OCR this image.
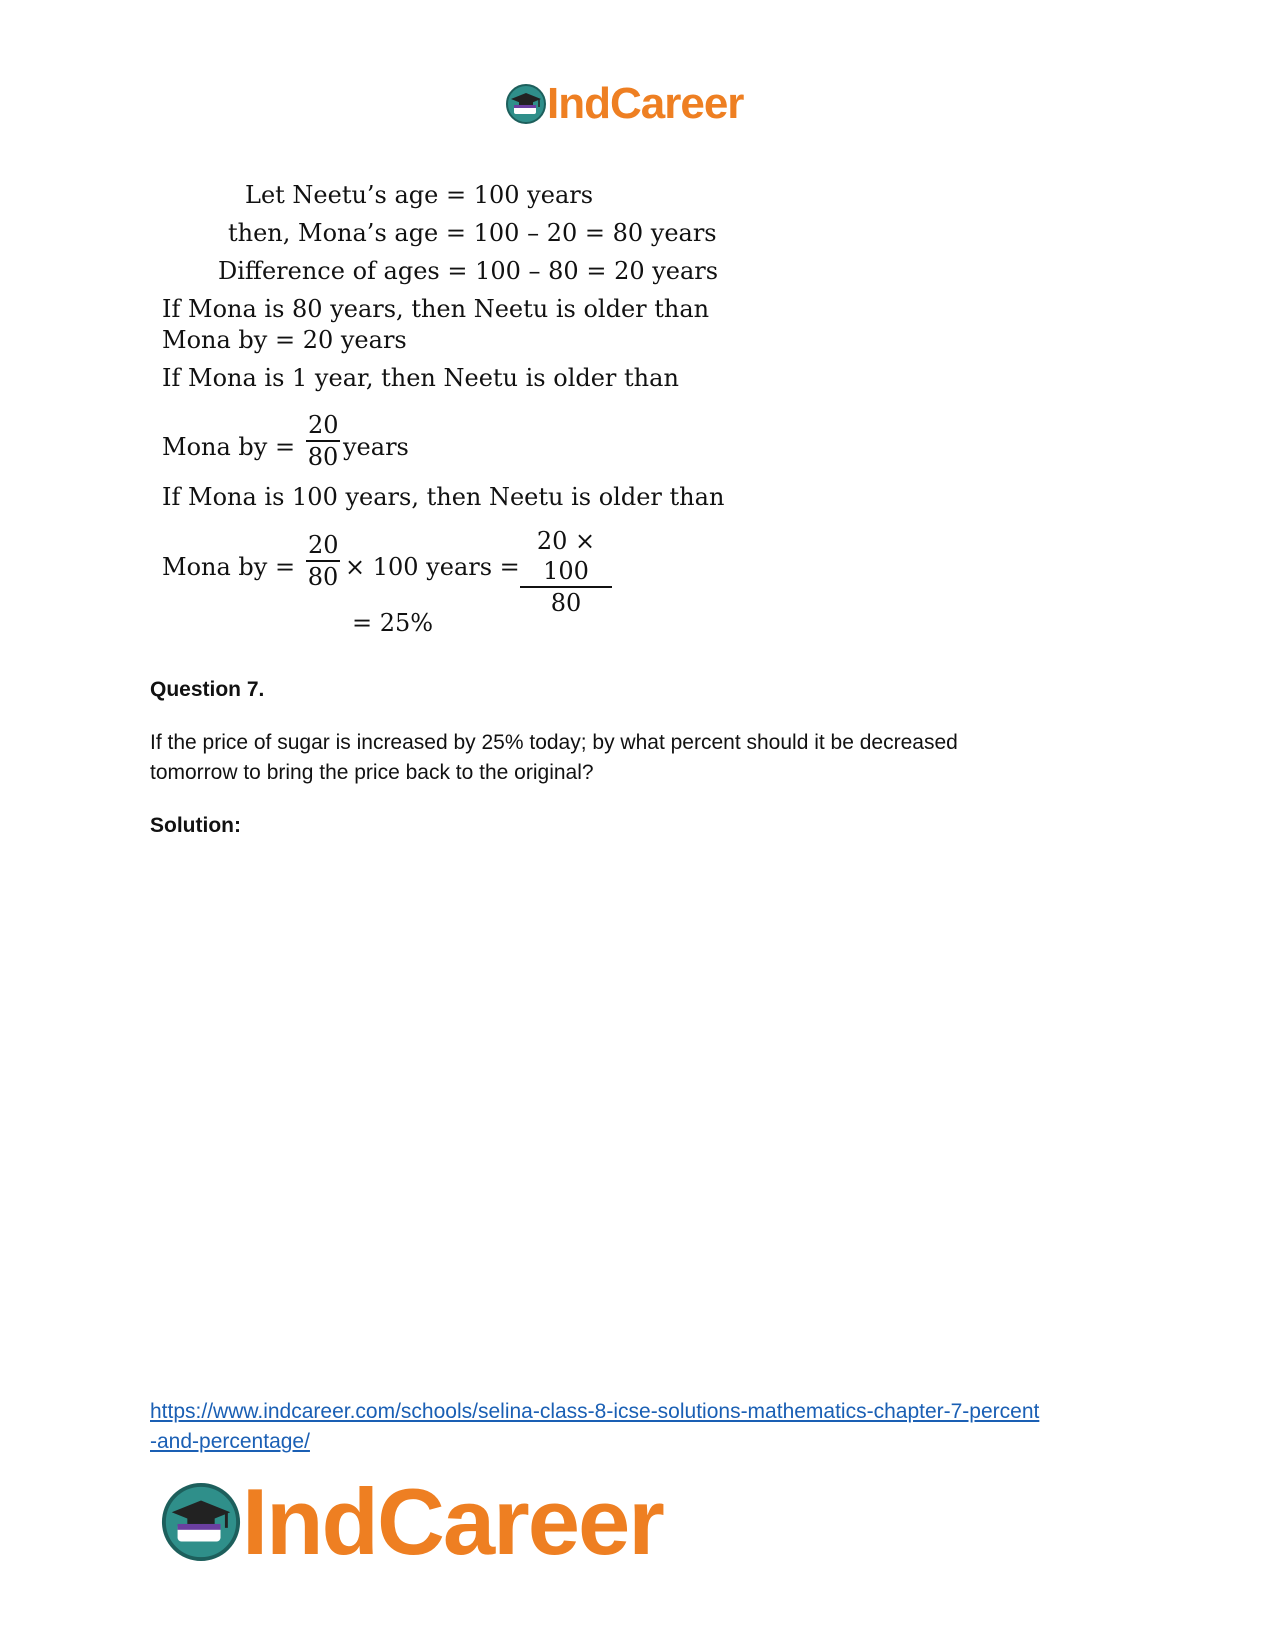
IndCareer
Let Neetu’s age = 100 years
then, Mona’s age = 100 – 20 = 80 years
Difference of ages = 100 – 80 = 20 years
If Mona is 80 years, then Neetu is older than
Mona by = 20 years
If Mona is 1 year, then Neetu is older than
Mona by = $\frac{20}{80}$ years
If Mona is 100 years, then Neetu is older than
Mona by = $\frac{20}{80} \times 100$ years = $\frac{20 \times 100}{80}$
= 25%
Question 7.
If the price of sugar is increased by 25% today; by what percent should it be decreased
tomorrow to bring the price back to the original?
Solution:
https://www.indcareer.com/schools/selina-class-8-icse-solutions-mathematics-chapter-7-percent
-and-percentage/
IndCareer
